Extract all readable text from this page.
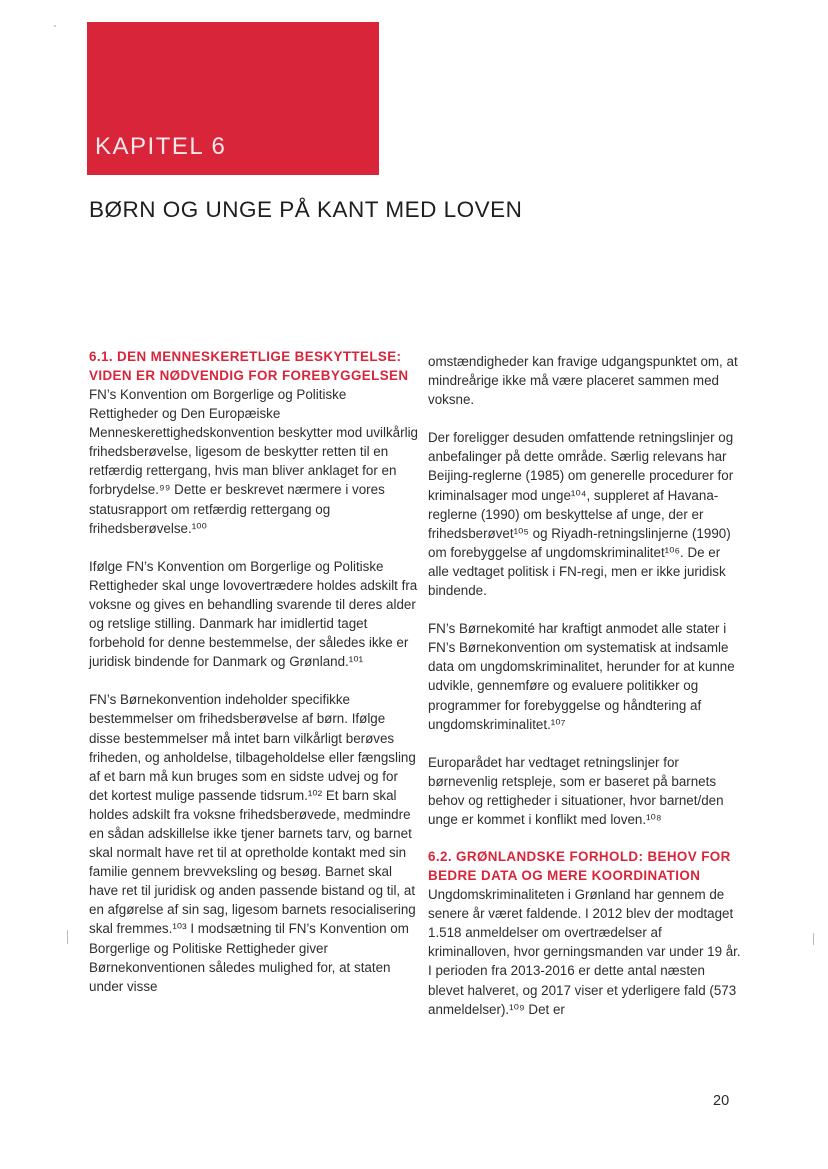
KAPITEL 6
BØRN OG UNGE PÅ KANT MED LOVEN
6.1. DEN MENNESKERETLIGE BESKYTTELSE: VIDEN ER NØDVENDIG FOR FOREBYGGELSEN

FN’s Konvention om Borgerlige og Politiske Rettigheder og Den Europæiske Menneskerettighedskonvention beskytter mod uvilkårlig frihedsberøvelse, ligesom de beskytter retten til en retfærdig rettergang, hvis man bliver anklaget for en forbrydelse.⁹⁹ Dette er beskrevet nærmere i vores statusrapport om retfærdig rettergang og frihedsberøvelse.¹⁰⁰

Ifølge FN’s Konvention om Borgerlige og Politiske Rettigheder skal unge lovovertrædere holdes adskilt fra voksne og gives en behandling svarende til deres alder og retslige stilling. Danmark har imidlertid taget forbehold for denne bestemmelse, der således ikke er juridisk bindende for Danmark og Grønland.¹⁰¹

FN’s Børnekonvention indeholder specifikke bestemmelser om frihedsberøvelse af børn. Ifølge disse bestemmelser må intet barn vilkårligt berøves friheden, og anholdelse, tilbageholdelse eller fængsling af et barn må kun bruges som en sidste udvej og for det kortest mulige passende tidsrum.¹⁰² Et barn skal holdes adskilt fra voksne frihedsberøvede, medmindre en sådan adskillelse ikke tjener barnets tarv, og barnet skal normalt have ret til at opretholde kontakt med sin familie gennem brevveksling og besøg. Barnet skal have ret til juridisk og anden passende bistand og til, at en afgørelse af sin sag, ligesom barnets resocialisering skal fremmes.¹⁰³ I modsætning til FN’s Konvention om Borgerlige og Politiske Rettigheder giver Børnekonventionen således mulighed for, at staten under visse

omstændigheder kan fravige udgangspunktet om, at mindreårige ikke må være placeret sammen med voksne.

Der foreligger desuden omfattende retningslinjer og anbefalinger på dette område. Særlig relevans har Beijing-reglerne (1985) om generelle procedurer for kriminalsager mod unge¹⁰⁴, suppleret af Havana-reglerne (1990) om beskyttelse af unge, der er frihedsberøvet¹⁰⁵ og Riyadh-retningslinjerne (1990) om forebyggelse af ungdomskriminalitet¹⁰⁶. De er alle vedtaget politisk i FN-regi, men er ikke juridisk bindende.

FN’s Børnekomité har kraftigt anmodet alle stater i FN’s Børnekonvention om systematisk at indsamle data om ungdomskriminalitet, herunder for at kunne udvikle, gennemføre og evaluere politikker og programmer for forebyggelse og håndtering af ungdomskriminalitet.¹⁰⁷

Europarådet har vedtaget retningslinjer for børnevenlig retspleje, som er baseret på barnets behov og rettigheder i situationer, hvor barnet/den unge er kommet i konflikt med loven.¹⁰⁸

6.2. GRØNLANDSKE FORHOLD: BEHOV FOR BEDRE DATA OG MERE KOORDINATION

Ungdomskriminaliteten i Grønland har gennem de senere år været faldende. I 2012 blev der modtaget 1.518 anmeldelser om overtrædelser af kriminalloven, hvor gerningsmanden var under 19 år. I perioden fra 2013-2016 er dette antal næsten blevet halveret, og 2017 viser et yderligere fald (573 anmeldelser).¹⁰⁹ Det er

20
